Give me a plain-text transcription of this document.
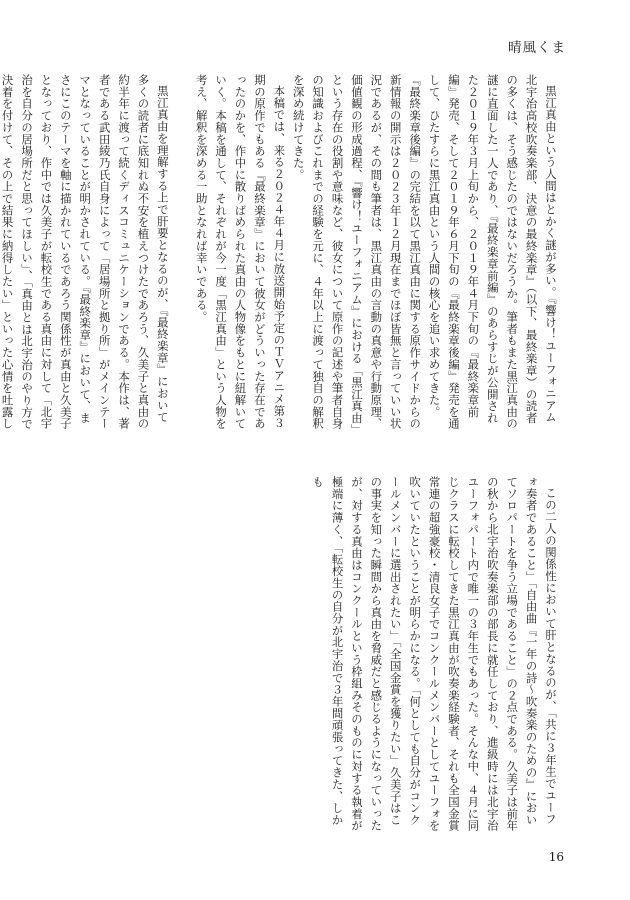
晴風くま

黒江真由という人間はとかく謎が多い。『響け！ユーフォニアム　北宇治高校吹奏楽部、決意の最終楽章』（以下、最終楽章）の読者の多くは、そう感じたのではないだろうか。筆者もまた黒江真由の謎に直面した一人であり、『最終楽章前編』のあらすじが公開された２０１９年３月上旬から、２０１９年４月下旬の『最終楽章前編』発売、そして２０１９年６月下旬の『最終楽章後編』発売を通して、ひたすらに黒江真由という人間の核心を追い求めてきた。『最終楽章後編』の完結を以て黒江真由に関する原作サイドからの新情報の開示は２０２３年１２月現在までほぼ皆無と言っていい状況であるが、その間も筆者は、黒江真由の言動の真意や行動原理、価値観の形成過程、『響け！ユーフォニアム』における「黒江真由」という存在の役割や意味など、彼女について原作の記述や筆者自身の知識およびこれまでの経験を元に、４年以上に渡って独自の解釈を深め続けてきた。

本稿では、来る２０２４年４月に放送開始予定のＴＶアニメ第３期の原作でもある『最終楽章』において彼女がどういった存在であったのかを、作中に散りばめられた真由の人物像をもとに紐解いていく。本稿を通して、それぞれが今一度「黒江真由」という人物を考え、解釈を深める一助となれば幸いである。

黒江真由を理解する上で肝要となるのが、『最終楽章』において多くの読者に底知れぬ不安を植えつけたであろう、久美子と真由の約半年に渡って続くディスコミュニケーションである。本作は、著者である武田綾乃氏自身によって「居場所と拠り所」がメインテーマとなっていることが明かされている。『最終楽章』において、まさにこのテーマを軸に描かれているであろう関係性が真由と久美子となっており、作中では久美子が転校生である真由に対して「北宇治を自分の居場所だと思ってほしい」、「真由とは北宇治のやり方で決着を付けて、その上で結果に納得したい」といった心情を吐露し

この二人の関係性において肝となるのが、「共に３年生でユーフォ奏者であること」「自由曲『一年の詩～吹奏楽のための』においてソロパートを争う立場であること」の２点である。久美子は前年の秋から北宇治吹奏楽部の部長に就任しており、進級時には北宇治ユーフォパート内で唯一の３年生でもあった。そんな中、４月に同じクラスに転校してきた黒江真由が吹奏楽経験者、それも全国金賞常連の超強豪校・清良女子でコンクールメンバーとしてユーフォを吹いていたということが明らかになる。「何としても自分がコンクールメンバーに選出されたい」「全国金賞を獲りたい」久美子はこの事実を知った瞬間から真由を脅威だと感じるようになっていったが、対する真由はコンクールという枠組みそのものに対する執着が極端に薄く、「転校生の自分が北宇治で３年間頑張ってきた、しかも

16
